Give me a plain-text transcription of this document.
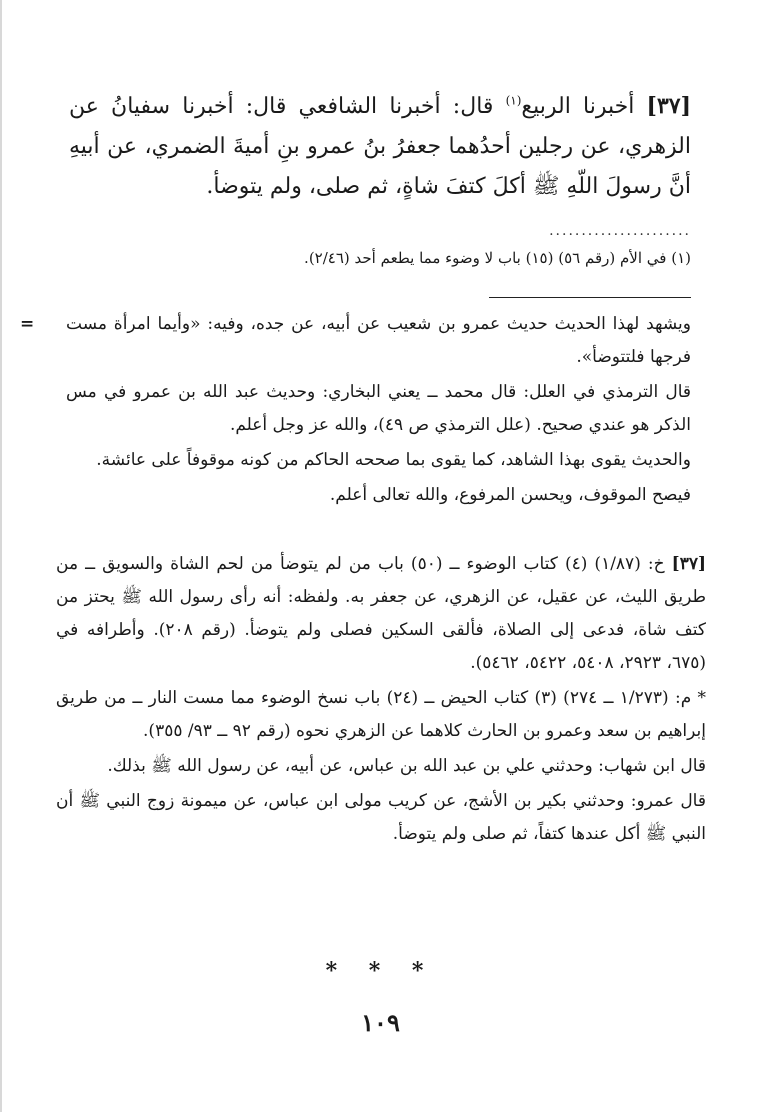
[٣٧] أخبرنا الربيع$^{(١)}$ قال: أخبرنا الشافعي قال: أخبرنا سفيانُ عن الزهري، عن رجلين أحدُهما جعفرُ بنُ عمرو بنِ أميةَ الضمري، عن أبيهِ أنَّ رسولَ اللّهِ ﷺ أكلَ كتفَ شاةٍ، ثم صلى، ولم يتوضأ.

......................
(١) في الأم (رقم ٥٦) (١٥) باب لا وضوء مما يطعم أحد (٢/٤٦).
= ويشهد لهذا الحديث حديث عمرو بن شعيب عن أبيه، عن جده، وفيه: «وأيما امرأة مست فرجها فلتتوضأ».

قال الترمذي في العلل: قال محمد ــ يعني البخاري: وحديث عبد الله بن عمرو في مس الذكر هو عندي صحيح. (علل الترمذي ص ٤٩)، والله عز وجل أعلم.

والحديث يقوى بهذا الشاهد، كما يقوى بما صححه الحاكم من كونه موقوفاً على عائشة.

فيصح الموقوف، ويحسن المرفوع، والله تعالى أعلم.

[٣٧] خ: (١/٨٧) (٤) كتاب الوضوء ــ (٥٠) باب من لم يتوضأ من لحم الشاة والسويق ــ من طريق الليث، عن عقيل، عن الزهري، عن جعفر به. ولفظه: أنه رأى رسول الله ﷺ يحتز من كتف شاة، فدعى إلى الصلاة، فألقى السكين فصلى ولم يتوضأ. (رقم ٢٠٨). وأطرافه في (٦٧٥، ٢٩٢٣، ٥٤٠٨، ٥٤٢٢، ٥٤٦٢).

* م: (١/٢٧٣ ــ ٢٧٤) (٣) كتاب الحيض ــ (٢٤) باب نسخ الوضوء مما مست النار ــ من طريق إبراهيم بن سعد وعمرو بن الحارث كلاهما عن الزهري نحوه (رقم ٩٢ ــ ٩٣/ ٣٥٥).

قال ابن شهاب: وحدثني علي بن عبد الله بن عباس، عن أبيه، عن رسول الله ﷺ بذلك.

قال عمرو: وحدثني بكير بن الأشج، عن كريب مولى ابن عباس، عن ميمونة زوج النبي ﷺ أن النبي ﷺ أكل عندها كتفاً، ثم صلى ولم يتوضأ.

* * *
١٠٩
